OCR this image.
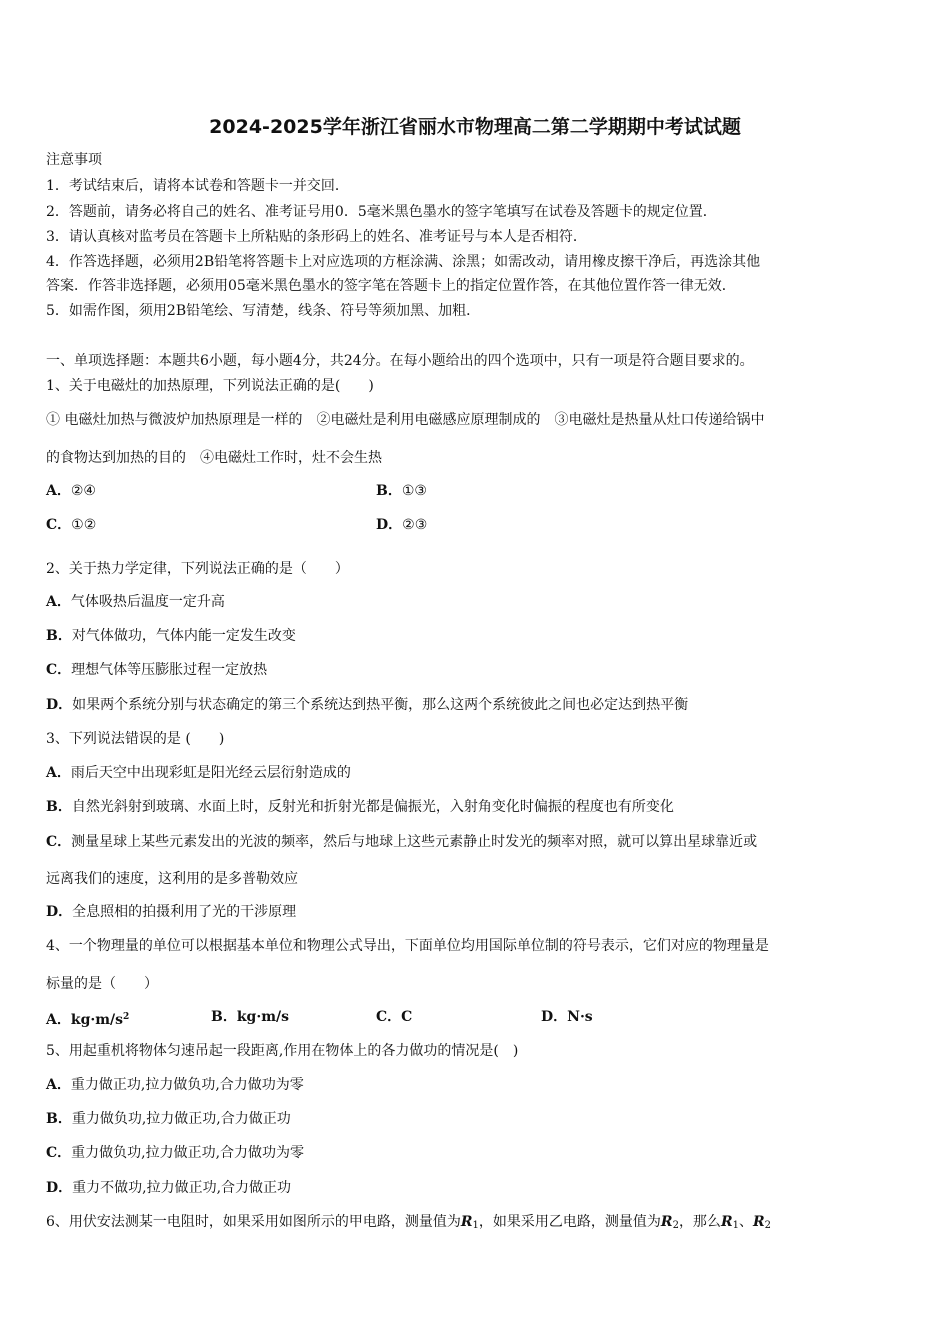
2024-2025学年浙江省丽水市物理高二第二学期期中考试试题
注意事项
1．考试结束后，请将本试卷和答题卡一并交回．
2．答题前，请务必将自己的姓名、准考证号用0．5毫米黑色墨水的签字笔填写在试卷及答题卡的规定位置．
3．请认真核对监考员在答题卡上所粘贴的条形码上的姓名、准考证号与本人是否相符．
4．作答选择题，必须用2B铅笔将答题卡上对应选项的方框涂满、涂黑；如需改动，请用橡皮擦干净后，再选涂其他
答案．作答非选择题，必须用05毫米黑色墨水的签字笔在答题卡上的指定位置作答，在其他位置作答一律无效．
5．如需作图，须用2B铅笔绘、写清楚，线条、符号等须加黑、加粗．
一、单项选择题：本题共6小题，每小题4分，共24分。在每小题给出的四个选项中，只有一项是符合题目要求的。
1、关于电磁灶的加热原理，下列说法正确的是(　　)
① 电磁灶加热与微波炉加热原理是一样的　②电磁灶是利用电磁感应原理制成的　③电磁灶是热量从灶口传递给锅中
的食物达到加热的目的　④电磁灶工作时，灶不会生热
A．②④	B．①③
C．①②	D．②③
2、关于热力学定律，下列说法正确的是（　　）
A．气体吸热后温度一定升高
B．对气体做功，气体内能一定发生改变
C．理想气体等压膨胀过程一定放热
D．如果两个系统分别与状态确定的第三个系统达到热平衡，那么这两个系统彼此之间也必定达到热平衡
3、下列说法错误的是 (　　)
A．雨后天空中出现彩虹是阳光经云层衍射造成的
B．自然光斜射到玻璃、水面上时，反射光和折射光都是偏振光，入射角变化时偏振的程度也有所变化
C．测量星球上某些元素发出的光波的频率，然后与地球上这些元素静止时发光的频率对照，就可以算出星球靠近或
远离我们的速度，这利用的是多普勒效应
D．全息照相的拍摄利用了光的干涉原理
4、一个物理量的单位可以根据基本单位和物理公式导出，下面单位均用国际单位制的符号表示，它们对应的物理量是
标量的是（　　）
A．$kg\cdot m/s^2$	B．kg·m/s	C．C	D．N·s
5、用起重机将物体匀速吊起一段距离,作用在物体上的各力做功的情况是(　)
A．重力做正功,拉力做负功,合力做功为零
B．重力做负功,拉力做正功,合力做正功
C．重力做负功,拉力做正功,合力做功为零
D．重力不做功,拉力做正功,合力做正功
6、用伏安法测某一电阻时，如果采用如图所示的甲电路，测量值为$R_1$，如果采用乙电路，测量值为$R_2$，那么$R_1$、$R_2$
